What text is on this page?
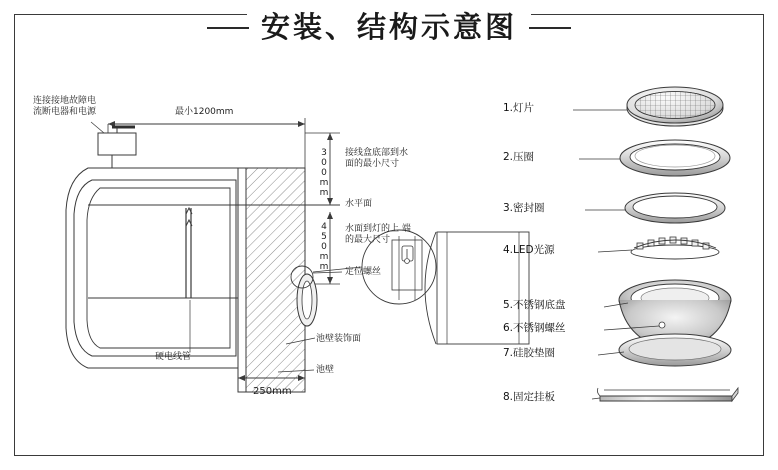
安装、结构示意图
连接接地故障电 流断电器和电源	最小1200mm
接线盒底部到水 面的最小尺寸
300mm
水平面
450mm 水面到灯的上 端的最大尺寸
定位螺丝
池壁装饰面
硬电线管
池壁
250mm
1.灯片
2.压圈
3.密封圈
4.LED光源
5.不锈钢底盘
6.不锈钢螺丝
7.硅胶垫圈
8.固定挂板
